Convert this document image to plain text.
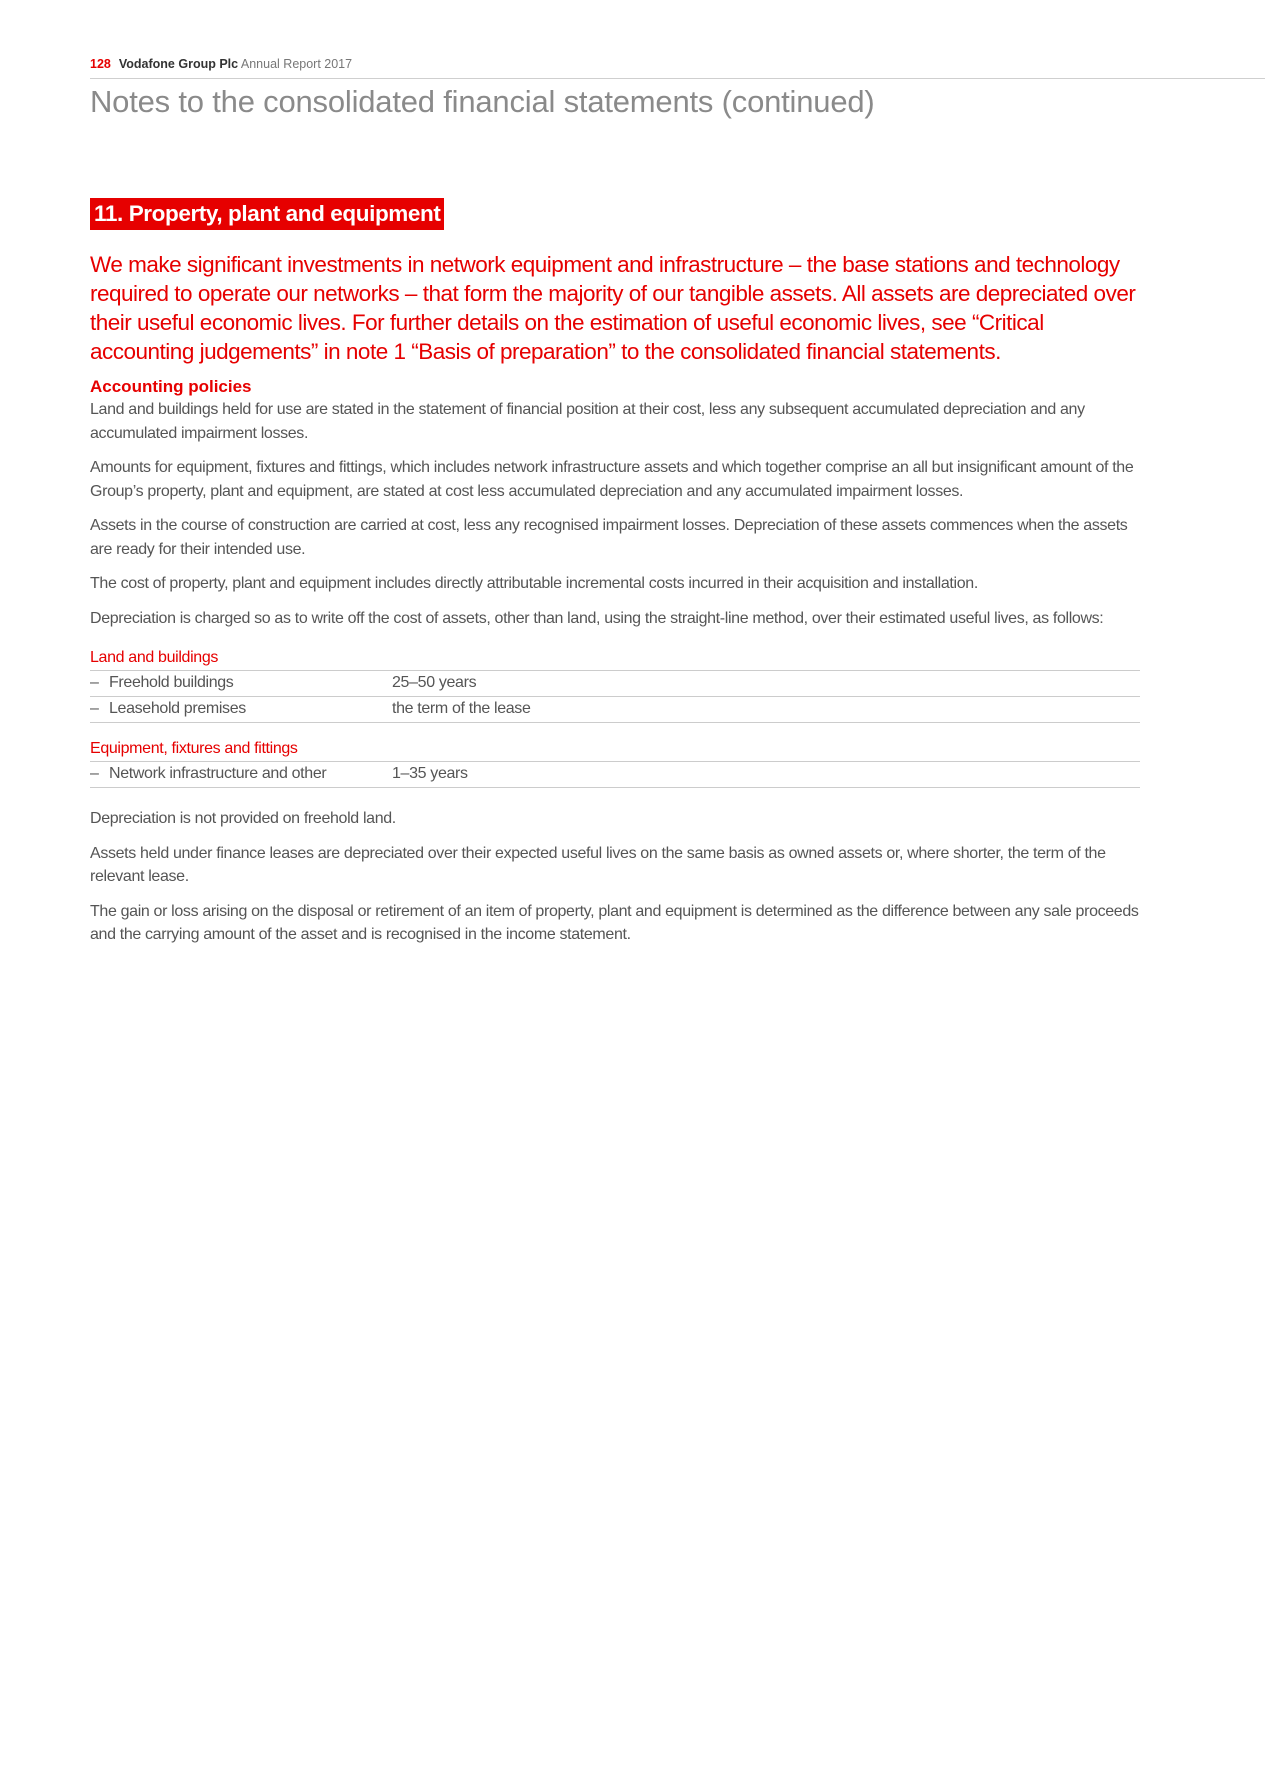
128 Vodafone Group Plc Annual Report 2017
Notes to the consolidated financial statements (continued)
11. Property, plant and equipment

We make significant investments in network equipment and infrastructure – the base stations and technology required to operate our networks – that form the majority of our tangible assets. All assets are depreciated over their useful economic lives. For further details on the estimation of useful economic lives, see “Critical accounting judgements” in note 1 “Basis of preparation” to the consolidated financial statements.

Accounting policies

Land and buildings held for use are stated in the statement of financial position at their cost, less any subsequent accumulated depreciation and any accumulated impairment losses.

Amounts for equipment, fixtures and fittings, which includes network infrastructure assets and which together comprise an all but insignificant amount of the Group’s property, plant and equipment, are stated at cost less accumulated depreciation and any accumulated impairment losses.

Assets in the course of construction are carried at cost, less any recognised impairment losses. Depreciation of these assets commences when the assets are ready for their intended use.

The cost of property, plant and equipment includes directly attributable incremental costs incurred in their acquisition and installation.

Depreciation is charged so as to write off the cost of assets, other than land, using the straight-line method, over their estimated useful lives, as follows:

Land and buildings
– Freehold buildings	25–50 years
– Leasehold premises	the term of the lease
Equipment, fixtures and fittings
– Network infrastructure and other	1–35 years

Depreciation is not provided on freehold land.

Assets held under finance leases are depreciated over their expected useful lives on the same basis as owned assets or, where shorter, the term of the relevant lease.

The gain or loss arising on the disposal or retirement of an item of property, plant and equipment is determined as the difference between any sale proceeds and the carrying amount of the asset and is recognised in the income statement.
